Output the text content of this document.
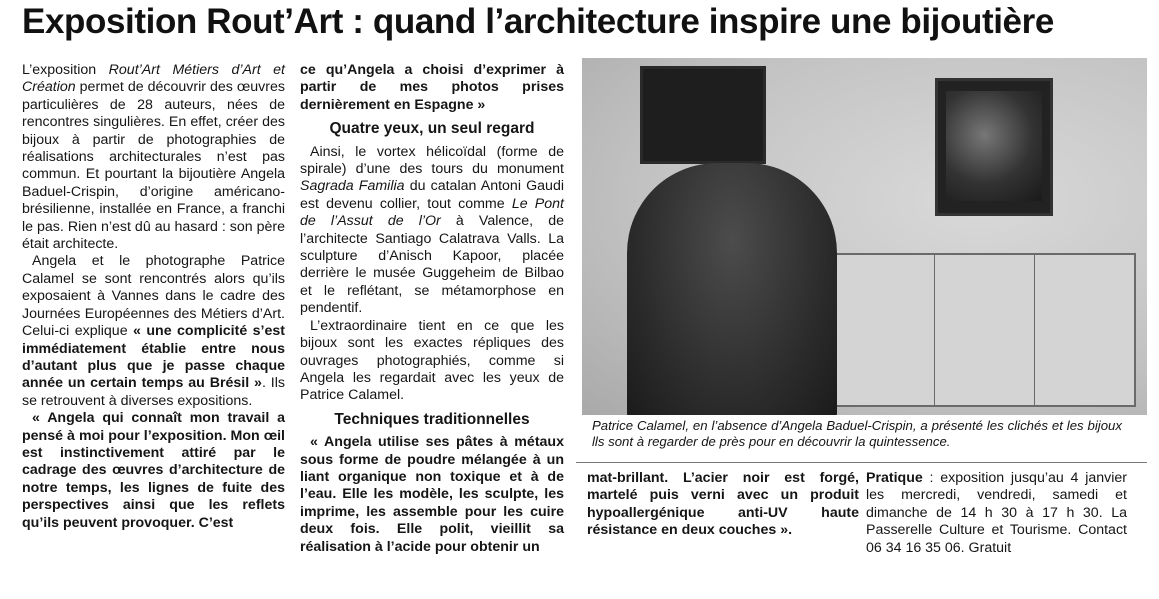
Exposition Rout’Art : quand l’architecture inspire une bijoutière

L’exposition Rout’Art Métiers d’Art et Création permet de découvrir des œuvres particulières de 28 auteurs, nées de rencontres singulières. En effet, créer des bijoux à partir de photographies de réalisations architecturales n’est pas commun. Et pourtant la bijoutière Angela Baduel-Crispin, d’origine américano-brésilienne, installée en France, a franchi le pas. Rien n’est dû au hasard : son père était architecte.

Angela et le photographe Patrice Calamel se sont rencontrés alors qu’ils exposaient à Vannes dans le cadre des Journées Européennes des Métiers d’Art. Celui-ci explique « une complicité s’est immédiatement établie entre nous d’autant plus que je passe chaque année un certain temps au Brésil ». Ils se retrouvent à diverses expositions.

« Angela qui connaît mon travail a pensé à moi pour l’exposition. Mon œil est instinctivement attiré par le cadrage des œuvres d’architecture de notre temps, les lignes de fuite des perspectives ainsi que les reflets qu’ils peuvent provoquer. C’est

ce qu’Angela a choisi d’exprimer à partir de mes photos prises dernièrement en Espagne »

Quatre yeux, un seul regard

Ainsi, le vortex hélicoïdal (forme de spirale) d’une des tours du monument Sagrada Familia du catalan Antoni Gaudi est devenu collier, tout comme Le Pont de l’Assut de l’Or à Valence, de l’architecte Santiago Calatrava Valls. La sculpture d’Anisch Kapoor, placée derrière le musée Guggeheim de Bilbao et le reflétant, se métamorphose en pendentif.

L’extraordinaire tient en ce que les bijoux sont les exactes répliques des ouvrages photographiés, comme si Angela les regardait avec les yeux de Patrice Calamel.

Techniques traditionnelles

« Angela utilise ses pâtes à métaux sous forme de poudre mélangée à un liant organique non toxique et à de l’eau. Elle les modèle, les sculpte, les imprime, les assemble pour les cuire deux fois. Elle polit, vieillit sa réalisation à l’acide pour obtenir un

Patrice Calamel, en l’absence d’Angela Baduel-Crispin, a présenté les clichés et les bijoux lls sont à regarder de près pour en découvrir la quintessence.

mat-brillant. L’acier noir est forgé, martelé puis verni avec un produit hypoallergénique anti-UV haute résistance en deux couches ».

Pratique : exposition jusqu’au 4 janvier les mercredi, vendredi, samedi et dimanche de 14 h 30 à 17 h 30. La Passerelle Culture et Tourisme. Contact 06 34 16 35 06. Gratuit
